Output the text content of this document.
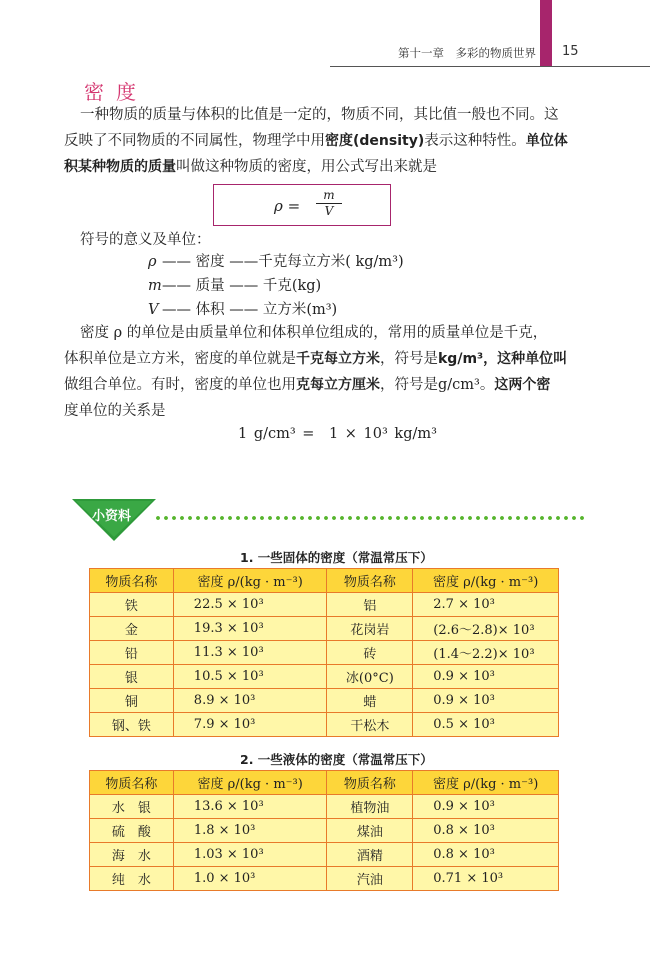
第十一章　多彩的物质世界 15
密度
一种物质的质量与体积的比值是一定的，物质不同，其比值一般也不同。这
反映了不同物质的不同属性，物理学中用密度(density)表示这种特性。单位体
积某种物质的质量叫做这种物质的密度，用公式写出来就是
ρ =
m
V
符号的意义及单位：
ρ —— 密度 ——千克每立方米( kg/m³)
m—— 质量 —— 千克(kg)
V —— 体积 —— 立方米(m³)
密度 ρ 的单位是由质量单位和体积单位组成的，常用的质量单位是千克，
体积单位是立方米，密度的单位就是千克每立方米，符号是kg/m³，这种单位叫
做组合单位。有时，密度的单位也用克每立方厘米，符号是g/cm³。这两个密
度单位的关系是
1 g/cm³ =　1 × 10³ kg/m³
小资料
1. 一些固体的密度（常温常压下）
物质名称	密度 ρ/(kg · m⁻³)	物质名称	密度 ρ/(kg · m⁻³)
铁	22.5 × 10³	铝	2.7 × 10³
金	19.3 × 10³	花岗岩	(2.6～2.8)× 10³
铅	11.3 × 10³	砖	(1.4～2.2)× 10³
银	10.5 × 10³	冰(0°C)	0.9 × 10³
铜	8.9 × 10³	蜡	0.9 × 10³
钢、铁	7.9 × 10³	干松木	0.5 × 10³
2. 一些液体的密度（常温常压下）
物质名称	密度 ρ/(kg · m⁻³)	物质名称	密度 ρ/(kg · m⁻³)
水　银	13.6 × 10³	植物油	0.9 × 10³
硫　酸	1.8 × 10³	煤油	0.8 × 10³
海　水	1.03 × 10³	酒精	0.8 × 10³
纯　水	1.0 × 10³	汽油	0.71 × 10³
